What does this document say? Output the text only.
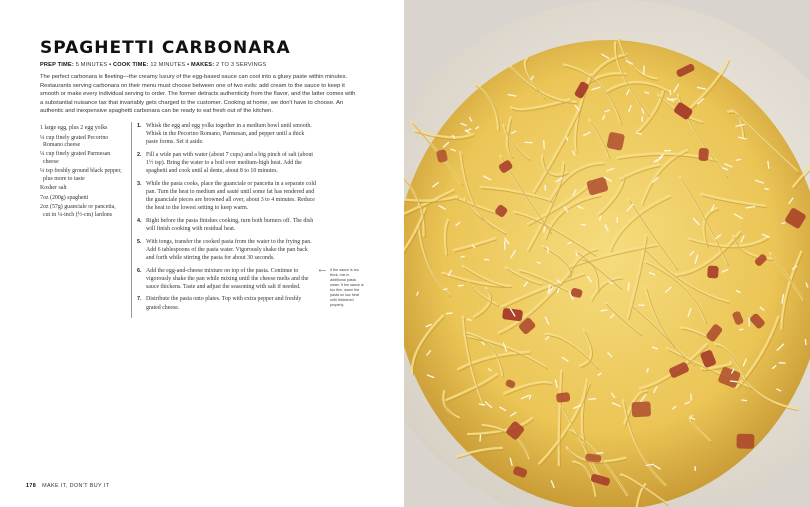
SPAGHETTI CARBONARA
PREP TIME: 5 MINUTES • COOK TIME: 12 MINUTES • MAKES: 2 TO 3 SERVINGS
The perfect carbonara is fleeting—the creamy luxury of the egg-based sauce can cool into a gluey paste within minutes. Restaurants serving carbonara on their menu must choose between one of two evils: add cream to the sauce to keep it smooth or make every individual serving to order. The former detracts authenticity from the flavor, and the latter comes with a substantial nuisance tax that invariably gets charged to the customer. Cooking at home, we don't have to choose. An authentic and inexpensive spaghetti carbonara can be ready to eat fresh out of the kitchen.
1 large egg, plus 2 egg yolks
¼ cup finely grated Pecorino Romano cheese
¼ cup finely grated Parmesan cheese
¼ tsp freshly ground black pepper, plus more to taste
Kosher salt
7oz (200g) spaghetti
2oz (57g) guanciale or pancetta, cut in ¼-inch (½-cm) lardons
1. Whisk the egg and egg yolks together in a medium bowl until smooth. Whisk in the Pecorino Romano, Parmesan, and pepper until a thick paste forms. Set it aside.
2. Fill a wide pan with water (about 7 cups) and a big pinch of salt (about 1½ tsp). Bring the water to a boil over medium-high heat. Add the spaghetti and cook until al dente, about 8 to 10 minutes.
3. While the pasta cooks, place the guanciale or pancetta in a separate cold pan. Turn the heat to medium and sauté until some fat has rendered and the guanciale pieces are browned all over, about 3 to 4 minutes. Reduce the heat to the lowest setting to keep warm.
4. Right before the pasta finishes cooking, turn both burners off. The dish will finish cooking with residual heat.
5. With tongs, transfer the cooked pasta from the water to the frying pan. Add 6 tablespoons of the pasta water. Vigorously shake the pan back and forth while stirring the pasta for about 30 seconds.
6. Add the egg-and-cheese mixture on top of the pasta. Continue to vigorously shake the pan while mixing until the cheese melts and the sauce thickens. Taste and adjust the seasoning with salt if needed.
7. Distribute the pasta onto plates. Top with extra pepper and freshly grated cheese.
If the sauce is too thick, mix in additional pasta water. If the sauce is too thin, warm the pasta on low heat until thickened properly.
178 MAKE IT, DON'T BUY IT
